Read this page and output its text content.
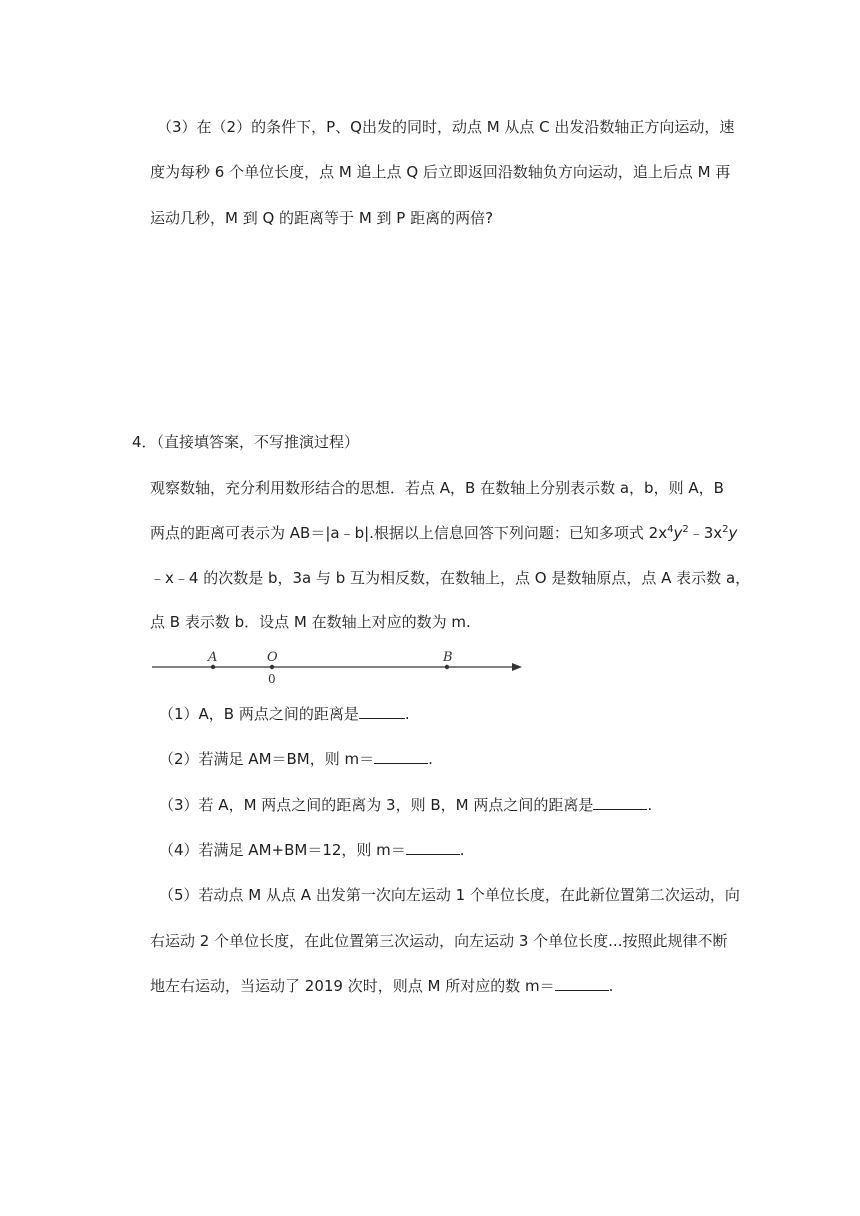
（3）在（2）的条件下，P、Q出发的同时，动点 M 从点 C 出发沿数轴正方向运动，速
度为每秒 6 个单位长度，点 M 追上点 Q 后立即返回沿数轴负方向运动，追上后点 M 再
运动几秒，M 到 Q 的距离等于 M 到 P 距离的两倍?
4．（直接填答案，不写推演过程）
观察数轴，充分利用数形结合的思想．若点 A，B 在数轴上分别表示数 a，b，则 A，B
两点的距离可表示为 AB＝|a﹣b|.根据以上信息回答下列问题：已知多项式 $2x^4y^2﹣3x^2y$
﹣x﹣4 的次数是 b，3a 与 b 互为相反数，在数轴上，点 O 是数轴原点，点 A 表示数 a，
点 B 表示数 b．设点 M 在数轴上对应的数为 m.
A	O	B
0
（1）A，B 两点之间的距离是	.
（2）若满足 AM＝BM，则 m＝	.
（3）若 A，M 两点之间的距离为 3，则 B，M 两点之间的距离是	.
（4）若满足 AM+BM＝12，则 m＝	.
（5）若动点 M 从点 A 出发第一次向左运动 1 个单位长度，在此新位置第二次运动，向
右运动 2 个单位长度，在此位置第三次运动，向左运动 3 个单位长度...按照此规律不断
地左右运动，当运动了 2019 次时，则点 M 所对应的数 m＝	.
